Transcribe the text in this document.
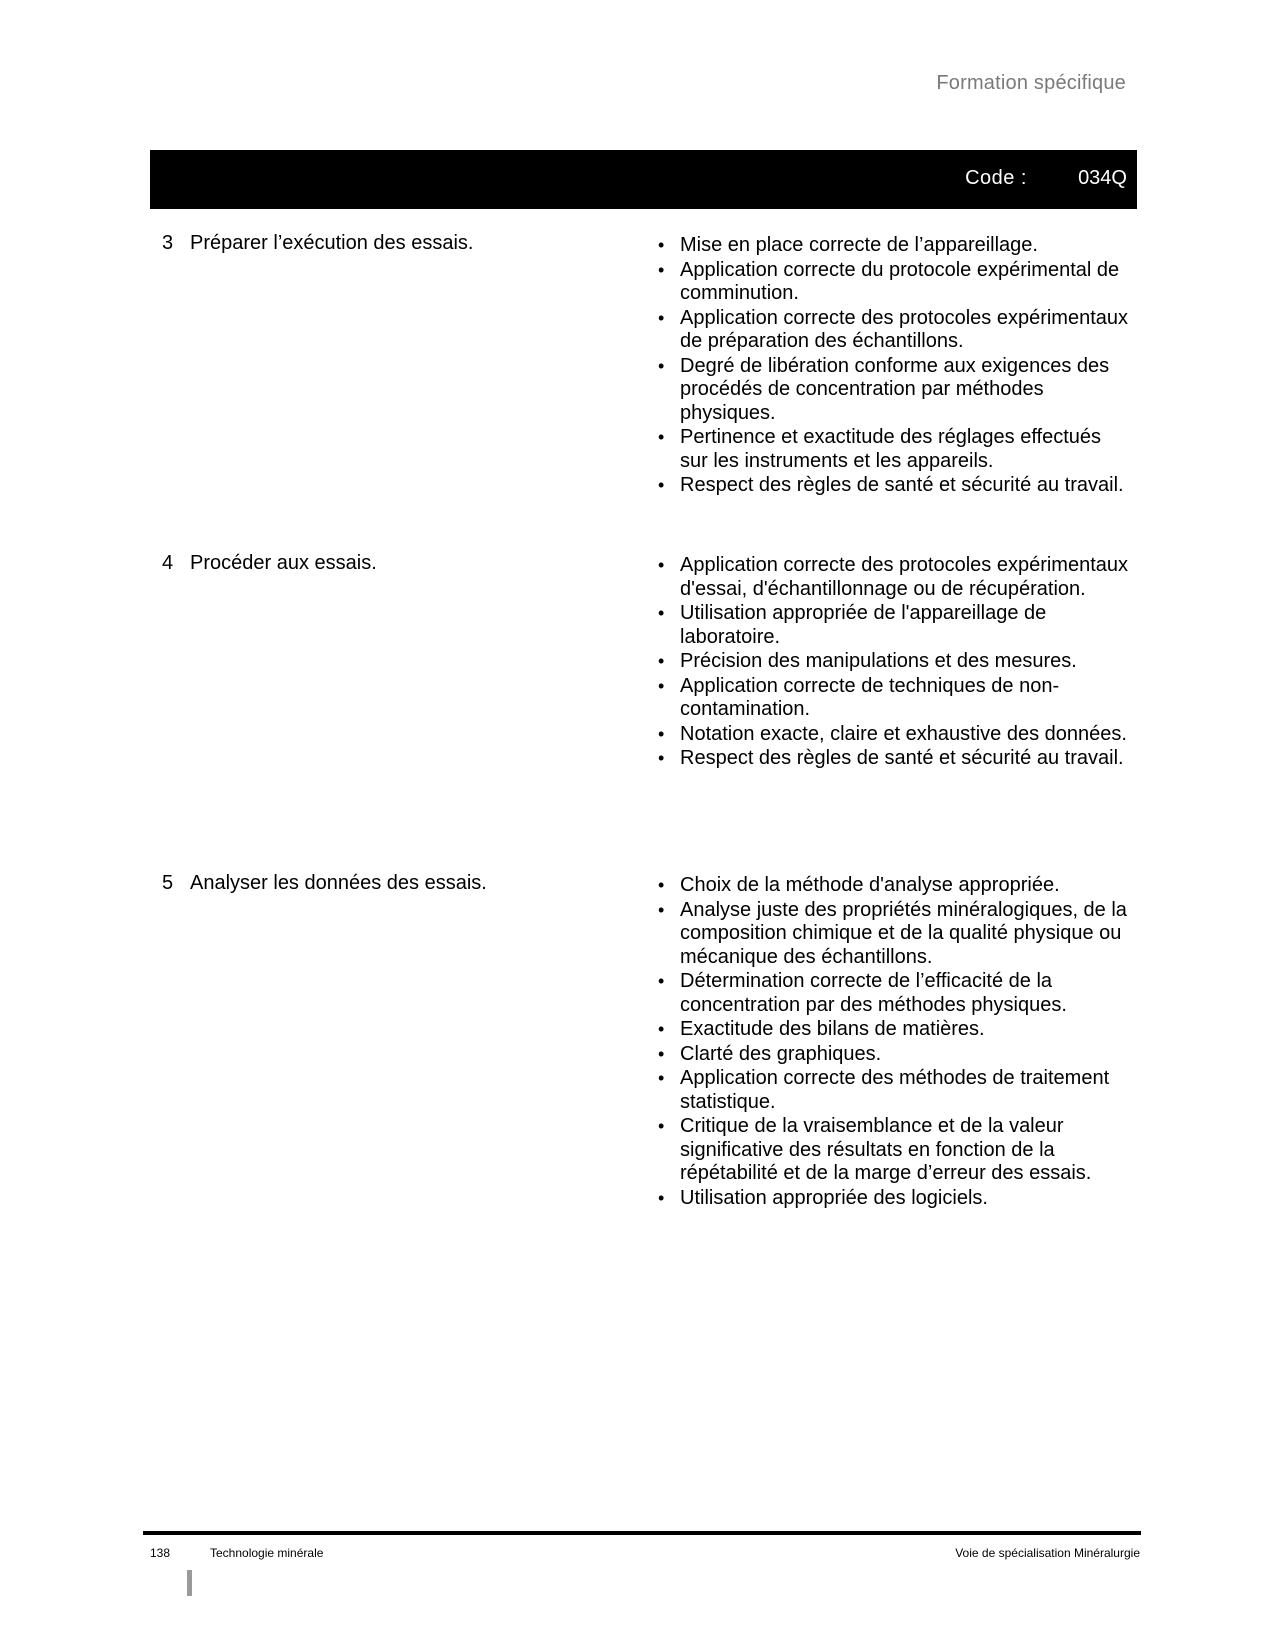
Formation spécifique
Code :	034Q
3 Préparer l’exécution des essais.	• Mise en place correcte de l’appareillage.
• Application correcte du protocole expérimental de comminution.
• Application correcte des protocoles expérimentaux de préparation des échantillons.
• Degré de libération conforme aux exigences des procédés de concentration par méthodes physiques.
• Pertinence et exactitude des réglages effectués sur les instruments et les appareils.
• Respect des règles de santé et sécurité au travail.
4 Procéder aux essais.	• Application correcte des protocoles expérimentaux d'essai, d'échantillonnage ou de récupération.
• Utilisation appropriée de l'appareillage de laboratoire.
• Précision des manipulations et des mesures.
• Application correcte de techniques de non-contamination.
• Notation exacte, claire et exhaustive des données.
• Respect des règles de santé et sécurité au travail.
5 Analyser les données des essais.	• Choix de la méthode d'analyse appropriée.
• Analyse juste des propriétés minéralogiques, de la composition chimique et de la qualité physique ou mécanique des échantillons.
• Détermination correcte de l’efficacité de la concentration par des méthodes physiques.
• Exactitude des bilans de matières.
• Clarté des graphiques.
• Application correcte des méthodes de traitement statistique.
• Critique de la vraisemblance et de la valeur significative des résultats en fonction de la répétabilité et de la marge d’erreur des essais.
• Utilisation appropriée des logiciels.
138	Technologie minérale	Voie de spécialisation Minéralurgie
